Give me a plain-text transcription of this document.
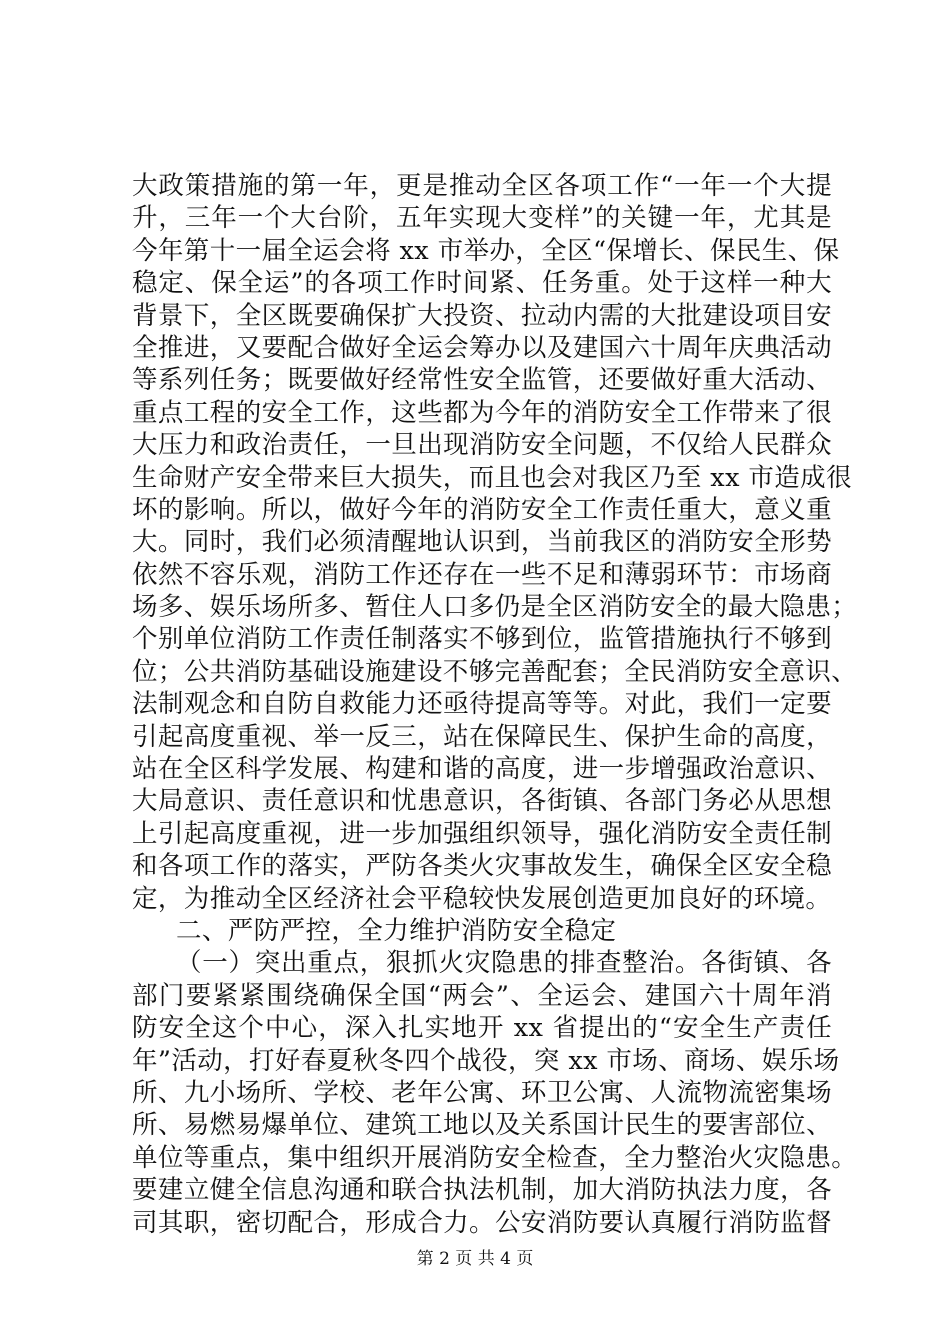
大政策措施的第一年，更是推动全区各项工作“一年一个大提
升，三年一个大台阶，五年实现大变样”的关键一年，尤其是
今年第十一届全运会将 xx 市举办，全区“保增长、保民生、保
稳定、保全运”的各项工作时间紧、任务重。处于这样一种大
背景下，全区既要确保扩大投资、拉动内需的大批建设项目安
全推进，又要配合做好全运会筹办以及建国六十周年庆典活动
等系列任务；既要做好经常性安全监管，还要做好重大活动、
重点工程的安全工作，这些都为今年的消防安全工作带来了很
大压力和政治责任，一旦出现消防安全问题，不仅给人民群众
生命财产安全带来巨大损失，而且也会对我区乃至 xx 市造成很
坏的影响。所以，做好今年的消防安全工作责任重大，意义重
大。同时，我们必须清醒地认识到，当前我区的消防安全形势
依然不容乐观，消防工作还存在一些不足和薄弱环节：市场商
场多、娱乐场所多、暂住人口多仍是全区消防安全的最大隐患；
个别单位消防工作责任制落实不够到位，监管措施执行不够到
位；公共消防基础设施建设不够完善配套；全民消防安全意识、
法制观念和自防自救能力还亟待提高等等。对此，我们一定要
引起高度重视、举一反三，站在保障民生、保护生命的高度，
站在全区科学发展、构建和谐的高度，进一步增强政治意识、
大局意识、责任意识和忧患意识，各街镇、各部门务必从思想
上引起高度重视，进一步加强组织领导，强化消防安全责任制
和各项工作的落实，严防各类火灾事故发生，确保全区安全稳
定，为推动全区经济社会平稳较快发展创造更加良好的环境。
二、严防严控，全力维护消防安全稳定
（一）突出重点，狠抓火灾隐患的排查整治。各街镇、各
部门要紧紧围绕确保全国“两会”、全运会、建国六十周年消
防安全这个中心，深入扎实地开 xx 省提出的“安全生产责任
年”活动，打好春夏秋冬四个战役，突 xx 市场、商场、娱乐场
所、九小场所、学校、老年公寓、环卫公寓、人流物流密集场
所、易燃易爆单位、建筑工地以及关系国计民生的要害部位、
单位等重点，集中组织开展消防安全检查，全力整治火灾隐患。
要建立健全信息沟通和联合执法机制，加大消防执法力度，各
司其职，密切配合，形成合力。公安消防要认真履行消防监督
第 2 页 共 4 页
